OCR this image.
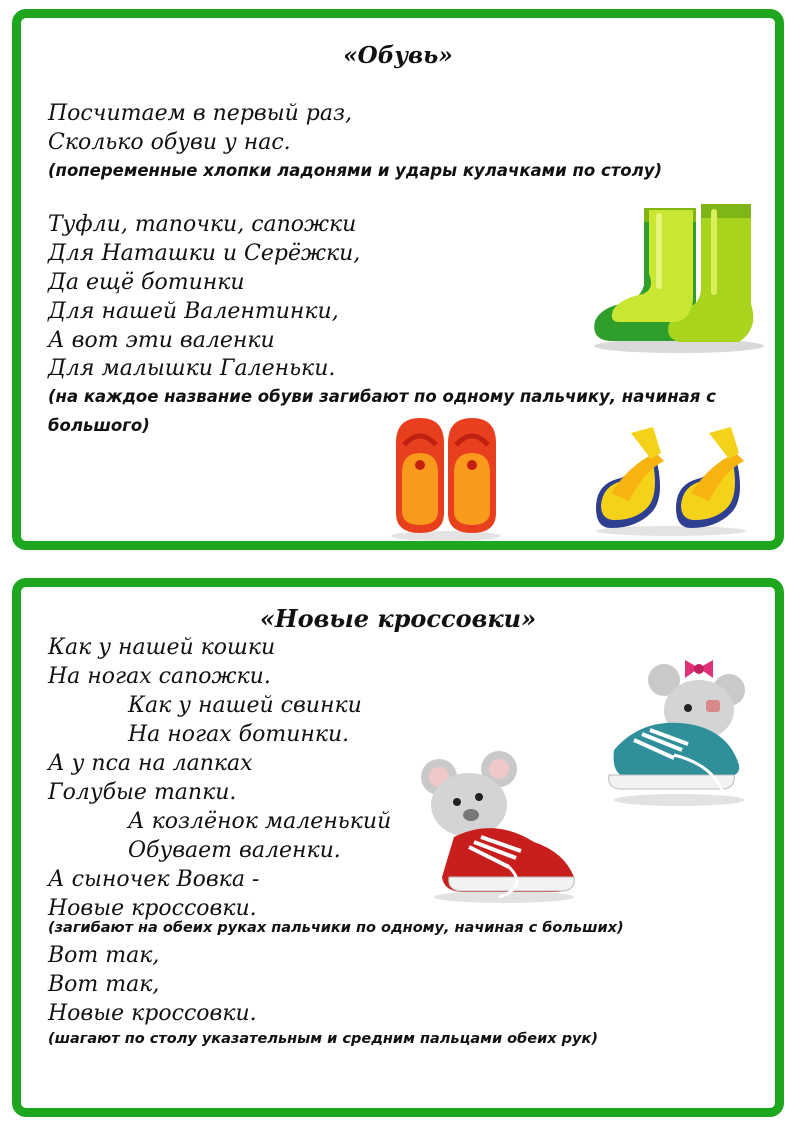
«Обувь»
Посчитаем в первый раз,
Сколько обуви у нас.
(попеременные хлопки ладонями и удары кулачками по столу)
Туфли, тапочки, сапожки
Для Наташки и Серёжки,
Да ещё ботинки
Для нашей Валентинки,
А вот эти валенки
Для малышки Галеньки.
(на каждое название обуви загибают по одному пальчику, начиная с большого)
«Новые кроссовки»
Как у нашей кошки
На ногах сапожки.
Как у нашей свинки
На ногах ботинки.
А у пса на лапках
Голубые тапки.
А козлёнок маленький
Обувает валенки.
А сыночек Вовка -
Новые кроссовки.
(загибают на обеих руках пальчики по одному, начиная с больших)
Вот так,
Вот так,
Новые кроссовки.
(шагают по столу указательным и средним пальцами обеих рук)
